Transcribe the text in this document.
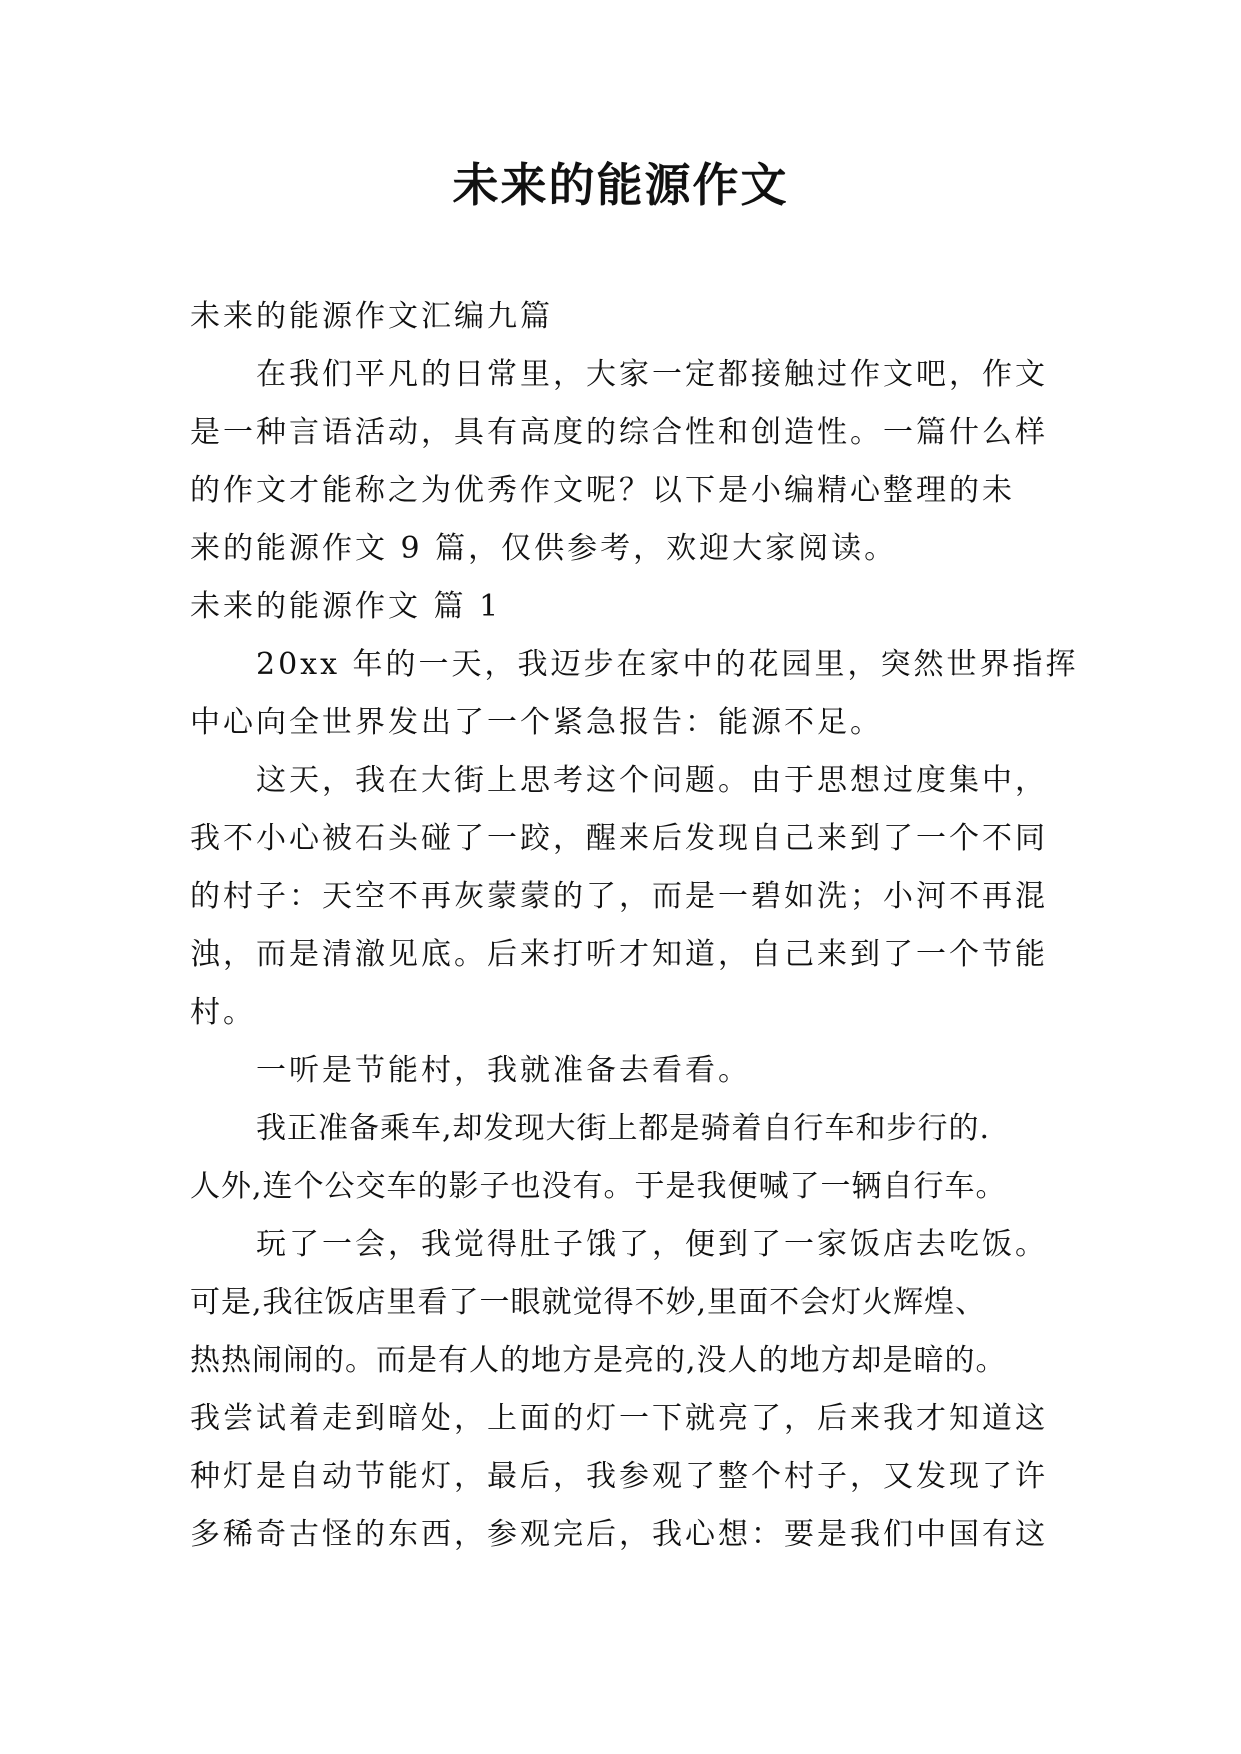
未来的能源作文

未来的能源作文汇编九篇

在我们平凡的日常里，大家一定都接触过作文吧，作文

是一种言语活动，具有高度的综合性和创造性。一篇什么样

的作文才能称之为优秀作文呢？以下是小编精心整理的未

来的能源作文 9 篇，仅供参考，欢迎大家阅读。

未来的能源作文 篇 1

20xx 年的一天，我迈步在家中的花园里，突然世界指挥

中心向全世界发出了一个紧急报告：能源不足。

这天，我在大街上思考这个问题。由于思想过度集中，

我不小心被石头碰了一跤，醒来后发现自己来到了一个不同

的村子：天空不再灰蒙蒙的了，而是一碧如洗；小河不再混

浊，而是清澈见底。后来打听才知道，自己来到了一个节能

村。

一听是节能村，我就准备去看看。

我正准备乘车,却发现大街上都是骑着自行车和步行的.

人外,连个公交车的影子也没有。于是我便喊了一辆自行车。

玩了一会，我觉得肚子饿了，便到了一家饭店去吃饭。

可是,我往饭店里看了一眼就觉得不妙,里面不会灯火辉煌、

热热闹闹的。而是有人的地方是亮的,没人的地方却是暗的。

我尝试着走到暗处，上面的灯一下就亮了，后来我才知道这

种灯是自动节能灯，最后，我参观了整个村子，又发现了许

多稀奇古怪的东西，参观完后，我心想：要是我们中国有这
